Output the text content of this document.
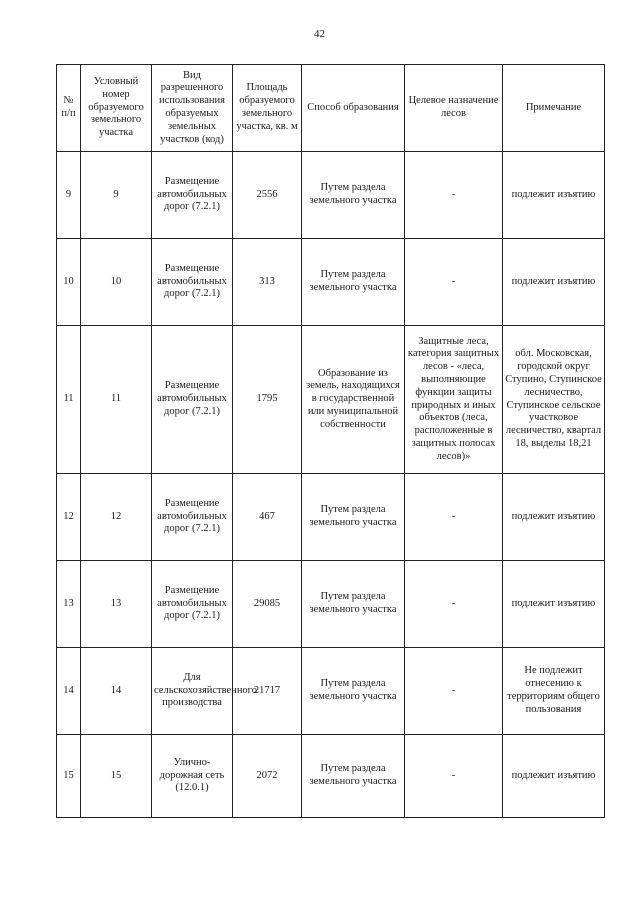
42
№ п/п	Условный номер образуемого земельного участка	Вид разрешенного использования образуемых земельных участков (код)	Площадь образуемого земельного участка, кв. м	Способ образования	Целевое назначение лесов	Примечание
9	9	Размещение автомобильных дорог (7.2.1)	2556	Путем раздела земельного участка	-	подлежит изъятию
10	10	Размещение автомобильных дорог (7.2.1)	313	Путем раздела земельного участка	-	подлежит изъятию
11	11	Размещение автомобильных дорог (7.2.1)	1795	Образование из земель, находящихся в государственной или муниципальной собственности	Защитные леса, категория защитных лесов - «леса, выполняющие функции защиты природных и иных объектов (леса, расположенные в защитных полосах лесов)»	обл. Московская, городской округ Ступино, Ступинское лесничество, Ступинское сельское участковое лесничество, квартал 18, выделы 18,21
12	12	Размещение автомобильных дорог (7.2.1)	467	Путем раздела земельного участка	-	подлежит изъятию
13	13	Размещение автомобильных дорог (7.2.1)	29085	Путем раздела земельного участка	-	подлежит изъятию
14	14	Для сельскохозяйственного производства	21717	Путем раздела земельного участка	-	Не подлежит отнесению к территориям общего пользования
15	15	Улично-дорожная сеть (12.0.1)	2072	Путем раздела земельного участка	-	подлежит изъятию
